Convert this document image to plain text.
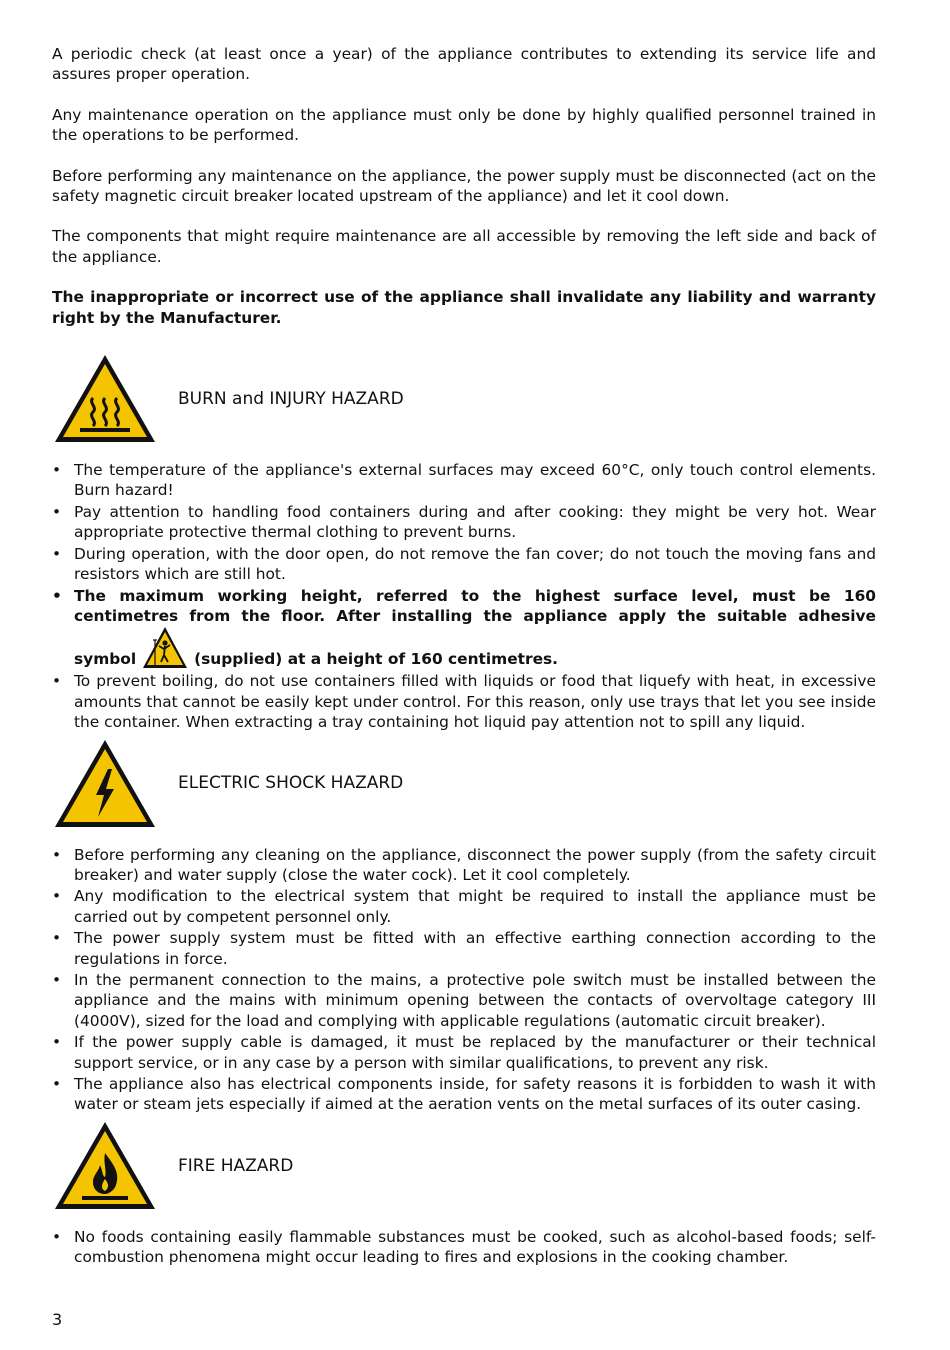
A periodic check (at least once a year) of the appliance contributes to extending its service life and assures proper operation.

Any maintenance operation on the appliance must only be done by highly qualified personnel trained in the operations to be performed.

Before performing any maintenance on the appliance, the power supply must be disconnected (act on the safety magnetic circuit breaker located upstream of the appliance) and let it cool down.

The components that might require maintenance are all accessible by removing the left side and back of the appliance.

The inappropriate or incorrect use of the appliance shall invalidate any liability and warranty right by the Manufacturer.

BURN and INJURY HAZARD
• The temperature of the appliance's external surfaces may exceed 60°C, only touch control elements. Burn hazard!
• Pay attention to handling food containers during and after cooking: they might be very hot. Wear appropriate protective thermal clothing to prevent burns.
• During operation, with the door open, do not remove the fan cover; do not touch the moving fans and resistors which are still hot.
• The maximum working height, referred to the highest surface level, must be 160 centimetres from the floor. After installing the appliance apply the suitable adhesive symbol	(supplied) at a height of 160 centimetres.
• To prevent boiling, do not use containers filled with liquids or food that liquefy with heat, in excessive amounts that cannot be easily kept under control. For this reason, only use trays that let you see inside the container. When extracting a tray containing hot liquid pay attention not to spill any liquid.
ELECTRIC SHOCK HAZARD
• Before performing any cleaning on the appliance, disconnect the power supply (from the safety circuit breaker) and water supply (close the water cock). Let it cool completely.
• Any modification to the electrical system that might be required to install the appliance must be carried out by competent personnel only.
• The power supply system must be fitted with an effective earthing connection according to the regulations in force.
• In the permanent connection to the mains, a protective pole switch must be installed between the appliance and the mains with minimum opening between the contacts of overvoltage category III (4000V), sized for the load and complying with applicable regulations (automatic circuit breaker).
• If the power supply cable is damaged, it must be replaced by the manufacturer or their technical support service, or in any case by a person with similar qualifications, to prevent any risk.
• The appliance also has electrical components inside, for safety reasons it is forbidden to wash it with water or steam jets especially if aimed at the aeration vents on the metal surfaces of its outer casing.
FIRE HAZARD
• No foods containing easily flammable substances must be cooked, such as alcohol-based foods; self-combustion phenomena might occur leading to fires and explosions in the cooking chamber.
3
